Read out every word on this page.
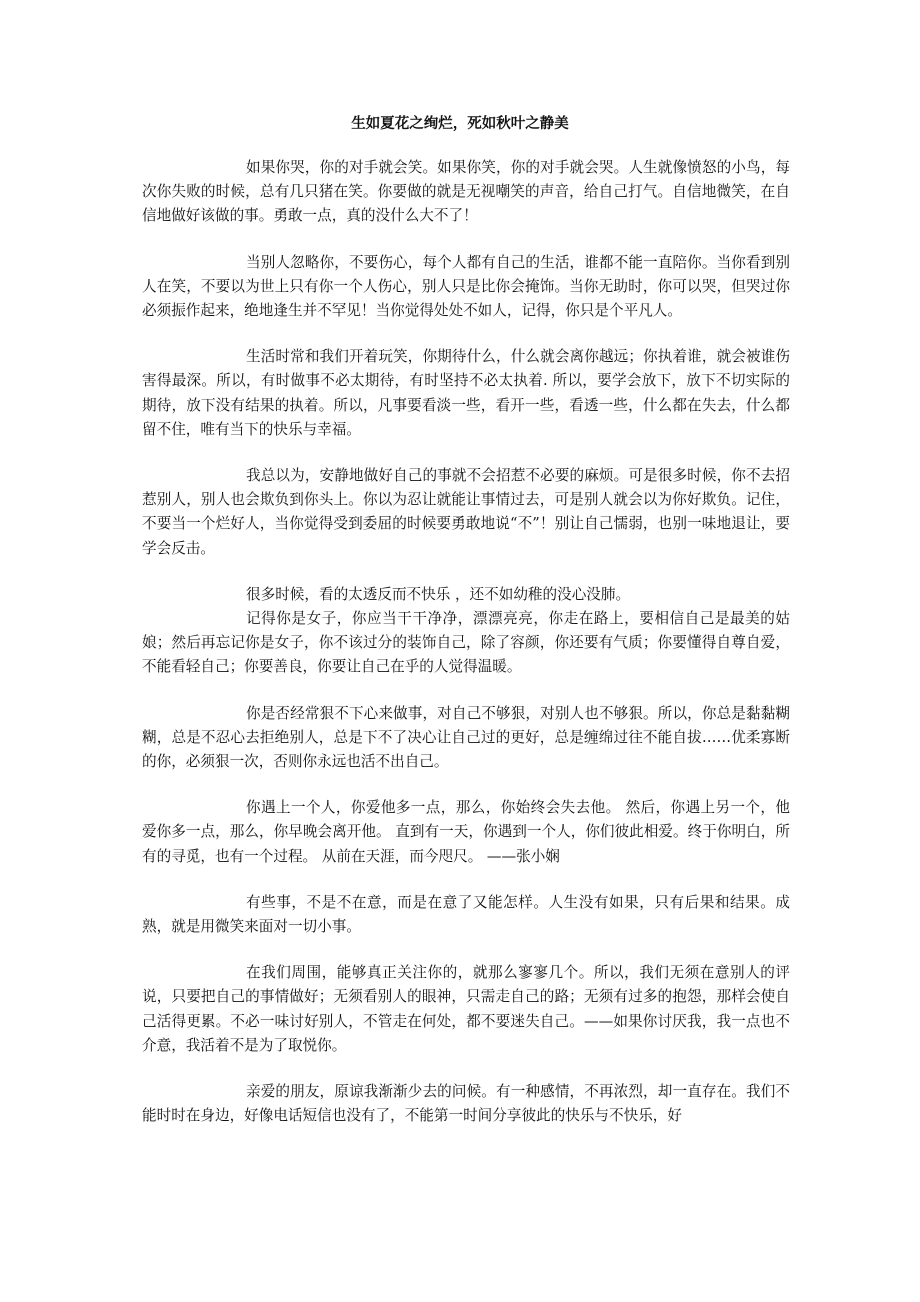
生如夏花之绚烂，死如秋叶之静美

如果你哭，你的对手就会笑。如果你笑，你的对手就会哭。人生就像愤怒的小鸟，每次你失败的时候，总有几只猪在笑。你要做的就是无视嘲笑的声音，给自己打气。自信地微笑，在自信地做好该做的事。勇敢一点，真的没什么大不了！

当别人忽略你，不要伤心，每个人都有自己的生活，谁都不能一直陪你。当你看到别人在笑，不要以为世上只有你一个人伤心，别人只是比你会掩饰。当你无助时，你可以哭，但哭过你必须振作起来，绝地逢生并不罕见！当你觉得处处不如人，记得，你只是个平凡人。

生活时常和我们开着玩笑，你期待什么，什么就会离你越远；你执着谁，就会被谁伤害得最深。所以，有时做事不必太期待，有时坚持不必太执着. 所以，要学会放下，放下不切实际的期待，放下没有结果的执着。所以，凡事要看淡一些，看开一些，看透一些，什么都在失去，什么都留不住，唯有当下的快乐与幸福。

我总以为，安静地做好自己的事就不会招惹不必要的麻烦。可是很多时候，你不去招惹别人，别人也会欺负到你头上。你以为忍让就能让事情过去，可是别人就会以为你好欺负。记住，不要当一个烂好人，当你觉得受到委屈的时候要勇敢地说“不”！别让自己懦弱，也别一味地退让，要学会反击。

很多时候，看的太透反而不快乐 ，还不如幼稚的没心没肺。

记得你是女子，你应当干干净净，漂漂亮亮，你走在路上，要相信自己是最美的姑娘；然后再忘记你是女子，你不该过分的装饰自己，除了容颜，你还要有气质；你要懂得自尊自爱，不能看轻自己；你要善良，你要让自己在乎的人觉得温暖。

你是否经常狠不下心来做事，对自己不够狠，对别人也不够狠。所以，你总是黏黏糊糊，总是不忍心去拒绝别人，总是下不了决心让自己过的更好，总是缠绵过往不能自拔……优柔寡断的你，必须狠一次，否则你永远也活不出自己。

你遇上一个人，你爱他多一点，那么，你始终会失去他。 然后，你遇上另一个，他爱你多一点，那么，你早晚会离开他。 直到有一天，你遇到一个人，你们彼此相爱。终于你明白，所有的寻觅，也有一个过程。 从前在天涯，而今咫尺。 ——张小娴

有些事，不是不在意，而是在意了又能怎样。人生没有如果，只有后果和结果。成熟，就是用微笑来面对一切小事。

在我们周围，能够真正关注你的，就那么寥寥几个。所以，我们无须在意别人的评说，只要把自己的事情做好；无须看别人的眼神，只需走自己的路；无须有过多的抱怨，那样会使自己活得更累。不必一味讨好别人，不管走在何处，都不要迷失自己。——如果你讨厌我，我一点也不介意，我活着不是为了取悦你。

亲爱的朋友，原谅我渐渐少去的问候。有一种感情，不再浓烈，却一直存在。我们不能时时在身边，好像电话短信也没有了，不能第一时间分享彼此的快乐与不快乐，好
